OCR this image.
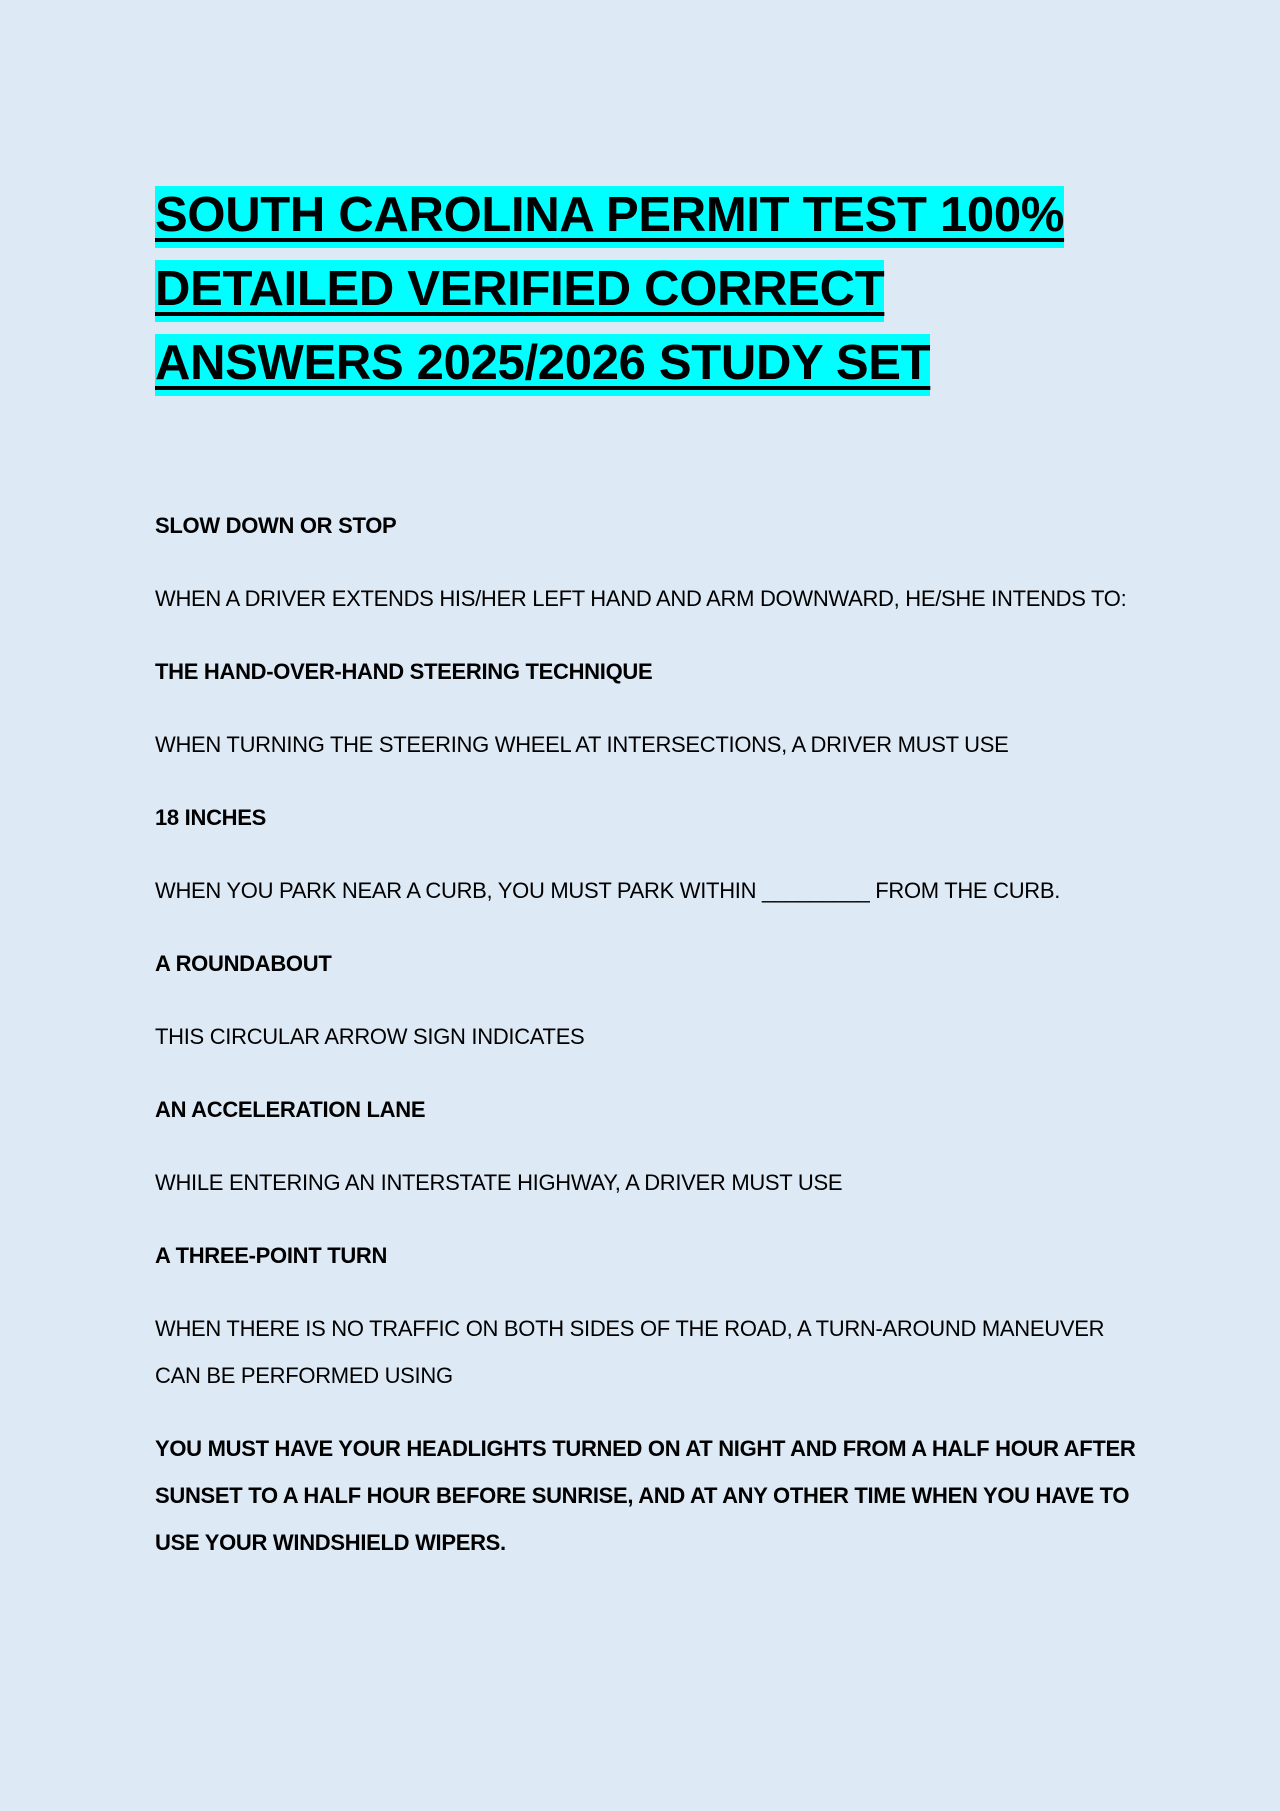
SOUTH CAROLINA PERMIT TEST 100%
DETAILED VERIFIED CORRECT
ANSWERS 2025/2026 STUDY SET

SLOW DOWN OR STOP

WHEN A DRIVER EXTENDS HIS/HER LEFT HAND AND ARM DOWNWARD, HE/SHE INTENDS TO:

THE HAND-OVER-HAND STEERING TECHNIQUE

WHEN TURNING THE STEERING WHEEL AT INTERSECTIONS, A DRIVER MUST USE

18 INCHES

WHEN YOU PARK NEAR A CURB, YOU MUST PARK WITHIN _________ FROM THE CURB.

A ROUNDABOUT

THIS CIRCULAR ARROW SIGN INDICATES

AN ACCELERATION LANE

WHILE ENTERING AN INTERSTATE HIGHWAY, A DRIVER MUST USE

A THREE-POINT TURN

WHEN THERE IS NO TRAFFIC ON BOTH SIDES OF THE ROAD, A TURN-AROUND MANEUVER CAN BE PERFORMED USING

YOU MUST HAVE YOUR HEADLIGHTS TURNED ON AT NIGHT AND FROM A HALF HOUR AFTER SUNSET TO A HALF HOUR BEFORE SUNRISE, AND AT ANY OTHER TIME WHEN YOU HAVE TO USE YOUR WINDSHIELD WIPERS.
